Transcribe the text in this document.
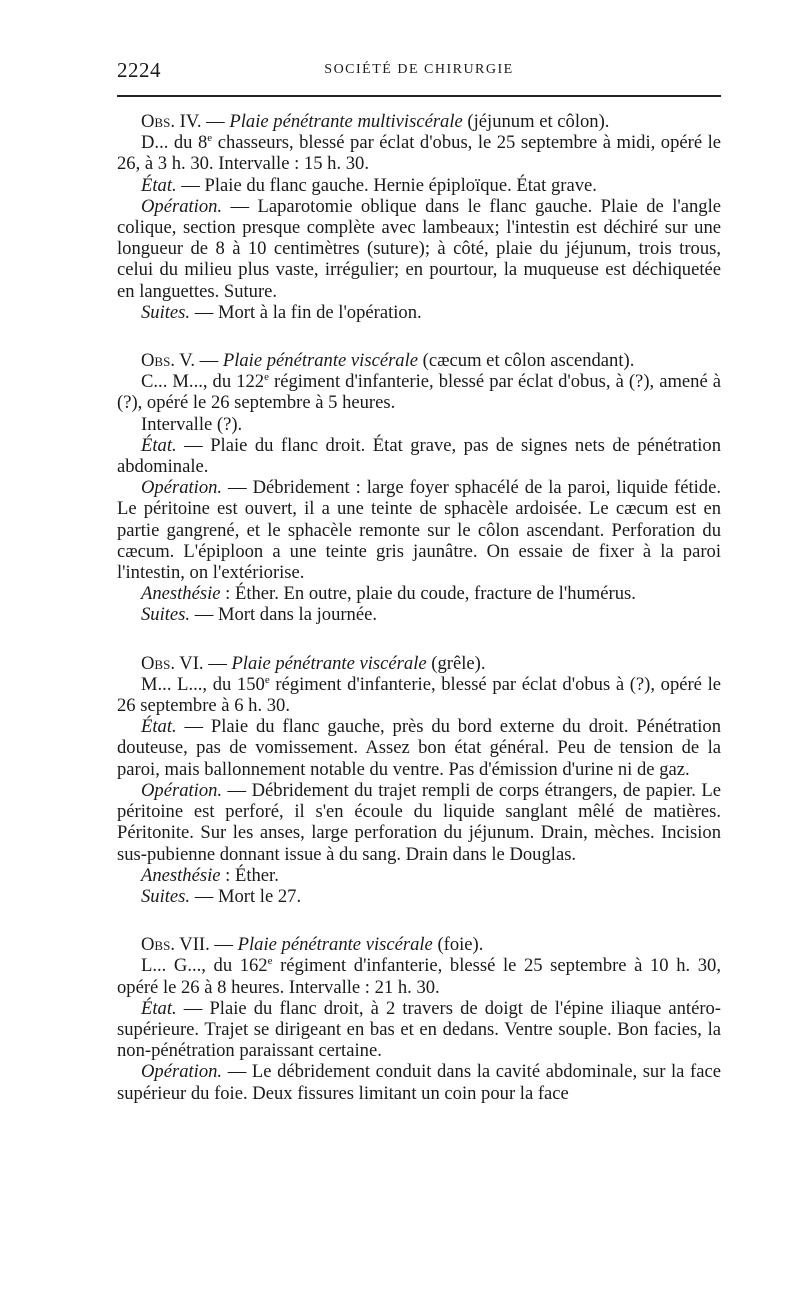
2224	SOCIÉTÉ DE CHIRURGIE

Obs. IV. — Plaie pénétrante multiviscérale (jéjunum et côlon).

D... du 8e chasseurs, blessé par éclat d'obus, le 25 septembre à midi, opéré le 26, à 3 h. 30. Intervalle : 15 h. 30.

État. — Plaie du flanc gauche. Hernie épiploïque. État grave.

Opération. — Laparotomie oblique dans le flanc gauche. Plaie de l'angle colique, section presque complète avec lambeaux; l'intestin est déchiré sur une longueur de 8 à 10 centimètres (suture); à côté, plaie du jéjunum, trois trous, celui du milieu plus vaste, irrégulier; en pourtour, la muqueuse est déchiquetée en languettes. Suture.

Suites. — Mort à la fin de l'opération.

Obs. V. — Plaie pénétrante viscérale (cæcum et côlon ascendant).

C... M..., du 122e régiment d'infanterie, blessé par éclat d'obus, à (?), amené à (?), opéré le 26 septembre à 5 heures.

Intervalle (?).

État. — Plaie du flanc droit. État grave, pas de signes nets de pénétration abdominale.

Opération. — Débridement : large foyer sphacélé de la paroi, liquide fétide. Le péritoine est ouvert, il a une teinte de sphacèle ardoisée. Le cæcum est en partie gangrené, et le sphacèle remonte sur le côlon ascendant. Perforation du cæcum. L'épiploon a une teinte gris jaunâtre. On essaie de fixer à la paroi l'intestin, on l'extériorise.

Anesthésie : Éther. En outre, plaie du coude, fracture de l'humérus.

Suites. — Mort dans la journée.

Obs. VI. — Plaie pénétrante viscérale (grêle).

M... L..., du 150e régiment d'infanterie, blessé par éclat d'obus à (?), opéré le 26 septembre à 6 h. 30.

État. — Plaie du flanc gauche, près du bord externe du droit. Pénétration douteuse, pas de vomissement. Assez bon état général. Peu de tension de la paroi, mais ballonnement notable du ventre. Pas d'émission d'urine ni de gaz.

Opération. — Débridement du trajet rempli de corps étrangers, de papier. Le péritoine est perforé, il s'en écoule du liquide sanglant mêlé de matières. Péritonite. Sur les anses, large perforation du jéjunum. Drain, mèches. Incision sus-pubienne donnant issue à du sang. Drain dans le Douglas.

Anesthésie : Éther.

Suites. — Mort le 27.

Obs. VII. — Plaie pénétrante viscérale (foie).

L... G..., du 162e régiment d'infanterie, blessé le 25 septembre à 10 h. 30, opéré le 26 à 8 heures. Intervalle : 21 h. 30.

État. — Plaie du flanc droit, à 2 travers de doigt de l'épine iliaque antéro-supérieure. Trajet se dirigeant en bas et en dedans. Ventre souple. Bon facies, la non-pénétration paraissant certaine.

Opération. — Le débridement conduit dans la cavité abdominale, sur la face supérieur du foie. Deux fissures limitant un coin pour la face
